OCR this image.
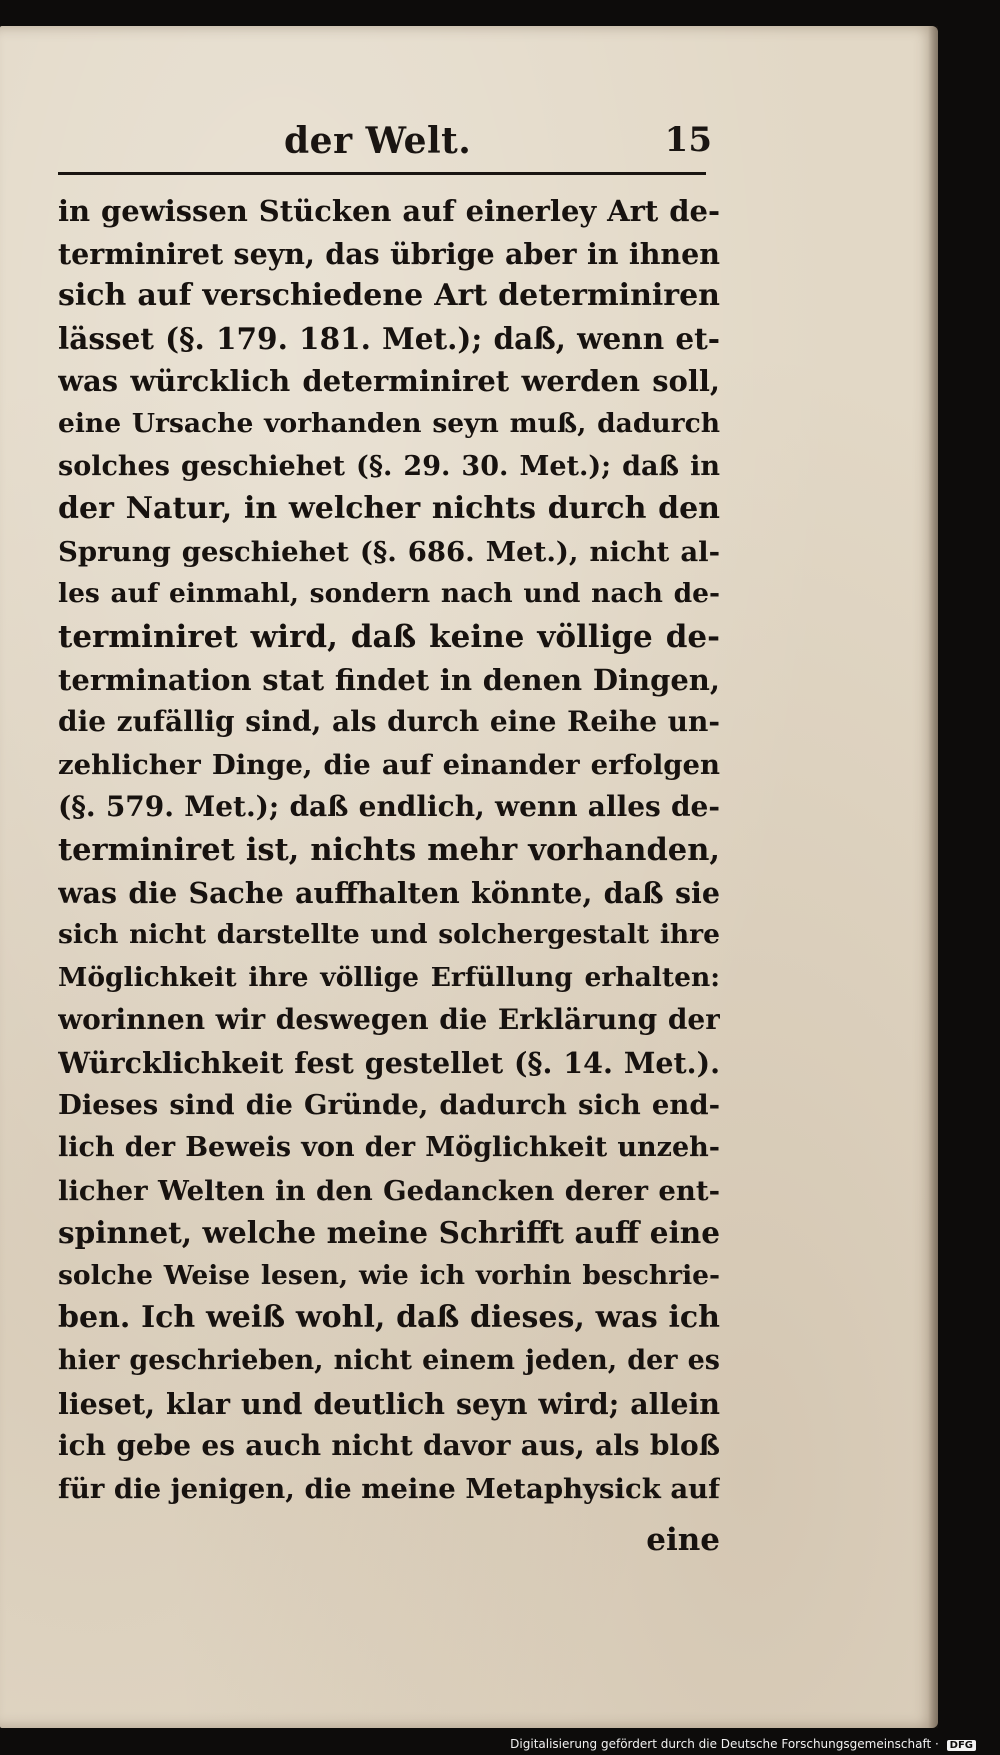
der Welt.	15
in gewissen Stücken auf einerley Art de-
terminiret seyn, das übrige aber in ihnen
sich auf verschiedene Art determiniren
lässet (§. 179. 181. Met.); daß, wenn et-
was würcklich determiniret werden soll,
eine Ursache vorhanden seyn muß, dadurch
solches geschiehet (§. 29. 30. Met.); daß in
der Natur, in welcher nichts durch den
Sprung geschiehet (§. 686. Met.), nicht al-
les auf einmahl, sondern nach und nach de-
terminiret wird, daß keine völlige de-
termination stat findet in denen Dingen,
die zufällig sind, als durch eine Reihe un-
zehlicher Dinge, die auf einander erfolgen
(§. 579. Met.); daß endlich, wenn alles de-
terminiret ist, nichts mehr vorhanden,
was die Sache auffhalten könnte, daß sie
sich nicht darstellte und solchergestalt ihre
Möglichkeit ihre völlige Erfüllung erhalten:
worinnen wir deswegen die Erklärung der
Würcklichkeit fest gestellet (§. 14. Met.).
Dieses sind die Gründe, dadurch sich end-
lich der Beweis von der Möglichkeit unzeh-
licher Welten in den Gedancken derer ent-
spinnet, welche meine Schrifft auff eine
solche Weise lesen, wie ich vorhin beschrie-
ben. Ich weiß wohl, daß dieses, was ich
hier geschrieben, nicht einem jeden, der es
lieset, klar und deutlich seyn wird; allein
ich gebe es auch nicht davor aus, als bloß
für die jenigen, die meine Metaphysick auf
eine
Digitalisierung gefördert durch die Deutsche Forschungsgemeinschaft · DFG
